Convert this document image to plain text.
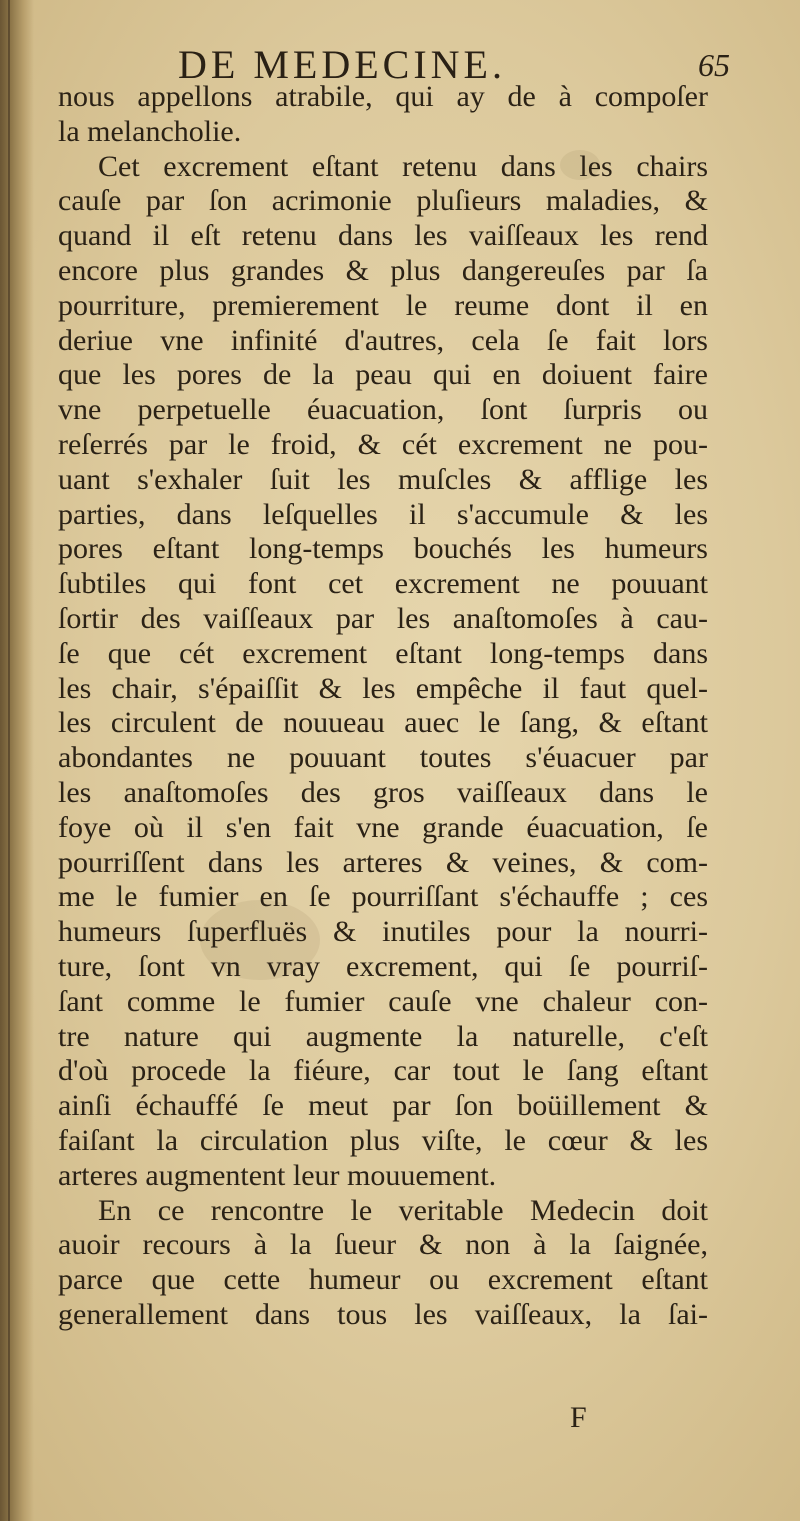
DE MEDECINE.	65
nous appellons atrabile, qui ay de à compoſer
la melancholie.
Cet excrement eſtant retenu dans les chairs
cauſe par ſon acrimonie pluſieurs maladies, &
quand il eſt retenu dans les vaiſſeaux les rend
encore plus grandes & plus dangereuſes par ſa
pourriture, premierement le reume dont il en
deriue vne infinité d'autres, cela ſe fait lors
que les pores de la peau qui en doiuent faire
vne perpetuelle éuacuation, ſont ſurpris ou
reſerrés par le froid, & cét excrement ne pou-
uant s'exhaler ſuit les muſcles & afflige les
parties, dans leſquelles il s'accumule & les
pores eſtant long-temps bouchés les humeurs
ſubtiles qui font cet excrement ne pouuant
ſortir des vaiſſeaux par les anaſtomoſes à cau-
ſe que cét excrement eſtant long-temps dans
les chair, s'épaiſſit & les empêche il faut quel-
les circulent de nouueau auec le ſang, & eſtant
abondantes ne pouuant toutes s'éuacuer par
les anaſtomoſes des gros vaiſſeaux dans le
foye où il s'en fait vne grande éuacuation, ſe
pourriſſent dans les arteres & veines, & com-
me le fumier en ſe pourriſſant s'échauffe ; ces
humeurs ſuperfluës & inutiles pour la nourri-
ture, ſont vn vray excrement, qui ſe pourriſ-
ſant comme le fumier cauſe vne chaleur con-
tre nature qui augmente la naturelle, c'eſt
d'où procede la fiéure, car tout le ſang eſtant
ainſi échauffé ſe meut par ſon boüillement &
faiſant la circulation plus viſte, le cœur & les
arteres augmentent leur mouuement.
En ce rencontre le veritable Medecin doit
auoir recours à la ſueur & non à la ſaignée,
parce que cette humeur ou excrement eſtant
generallement dans tous les vaiſſeaux, la ſai-
F
